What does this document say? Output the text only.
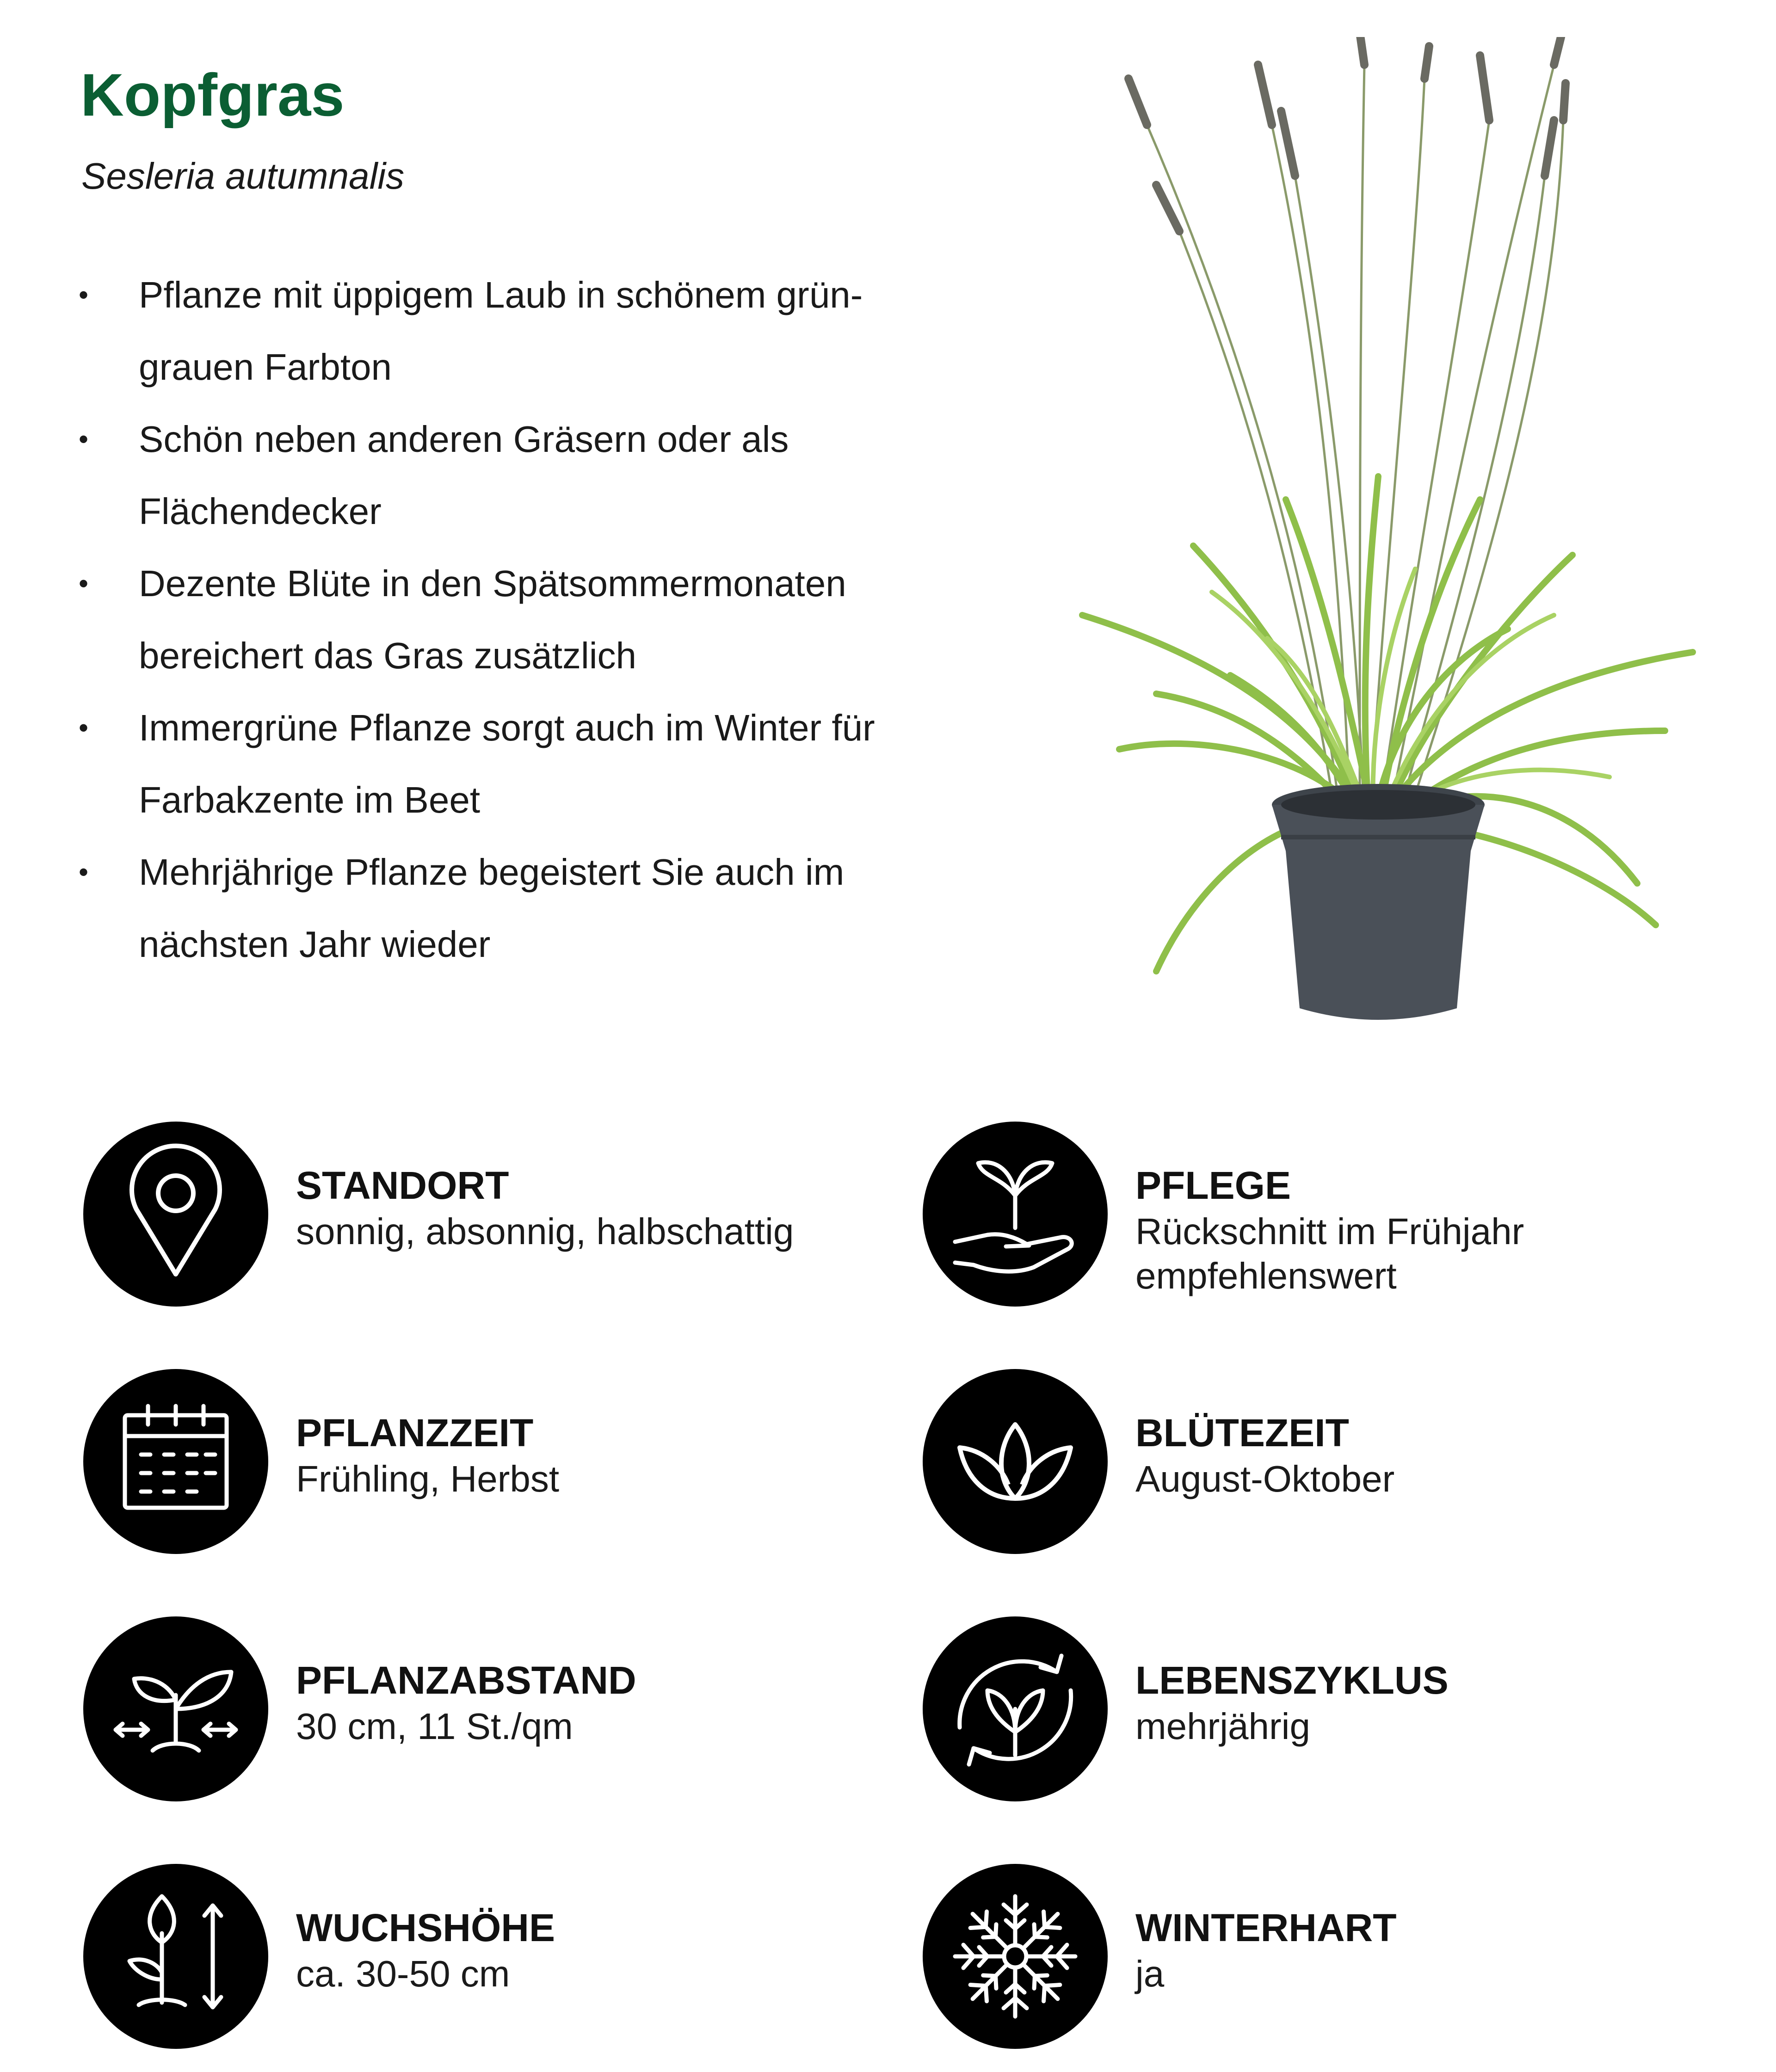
Kopfgras
Sesleria autumnalis
• Pflanze mit üppigem Laub in schönem grün-grauen Farbton
• Schön neben anderen Gräsern oder als Flächendecker
• Dezente Blüte in den Spätsommermonaten bereichert das Gras zusätzlich
• Immergrüne Pflanze sorgt auch im Winter für Farbakzente im Beet
• Mehrjährige Pflanze begeistert Sie auch im nächsten Jahr wieder
STANDORT
sonnig, absonnig, halbschattig
PFLEGE
Rückschnitt im Frühjahr empfehlenswert
PFLANZZEIT
Frühling, Herbst
BLÜTEZEIT
August-Oktober
PFLANZABSTAND
30 cm, 11 St./qm
LEBENSZYKLUS
mehrjährig
WUCHSHÖHE
ca. 30-50 cm
WINTERHART
ja
